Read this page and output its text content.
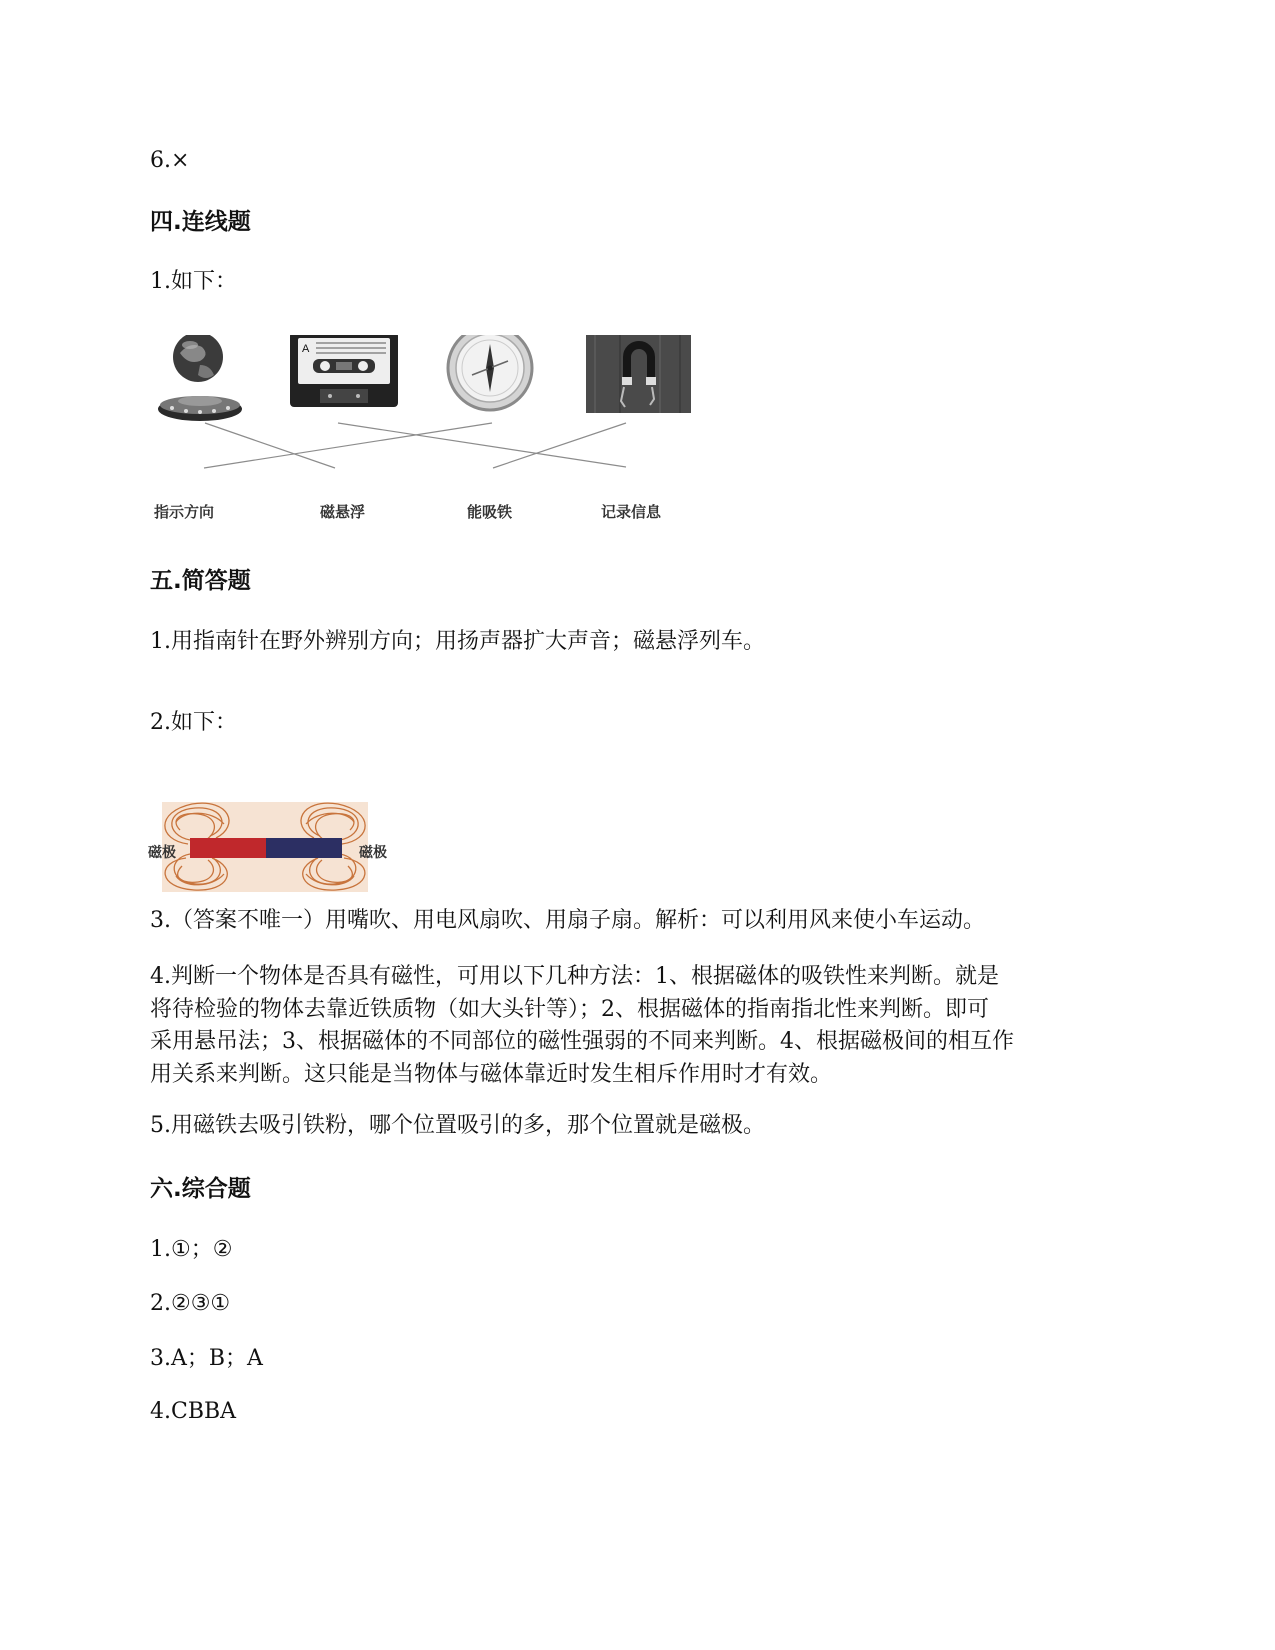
6.×
四.连线题
1.如下：
A
指示方向	磁悬浮	能吸铁	记录信息
五.简答题
1.用指南针在野外辨别方向；用扬声器扩大声音；磁悬浮列车。
2.如下：
磁极	磁极
3.（答案不唯一）用嘴吹、用电风扇吹、用扇子扇。解析：可以利用风来使小车运动。
4.判断一个物体是否具有磁性，可用以下几种方法：1、根据磁体的吸铁性来判断。就是
将待检验的物体去靠近铁质物（如大头针等）；2、根据磁体的指南指北性来判断。即可
采用悬吊法；3、根据磁体的不同部位的磁性强弱的不同来判断。4、根据磁极间的相互作
用关系来判断。这只能是当物体与磁体靠近时发生相斥作用时才有效。
5.用磁铁去吸引铁粉，哪个位置吸引的多，那个位置就是磁极。
六.综合题
1.①；②
2.②③①
3.A；B；A
4.CBBA
